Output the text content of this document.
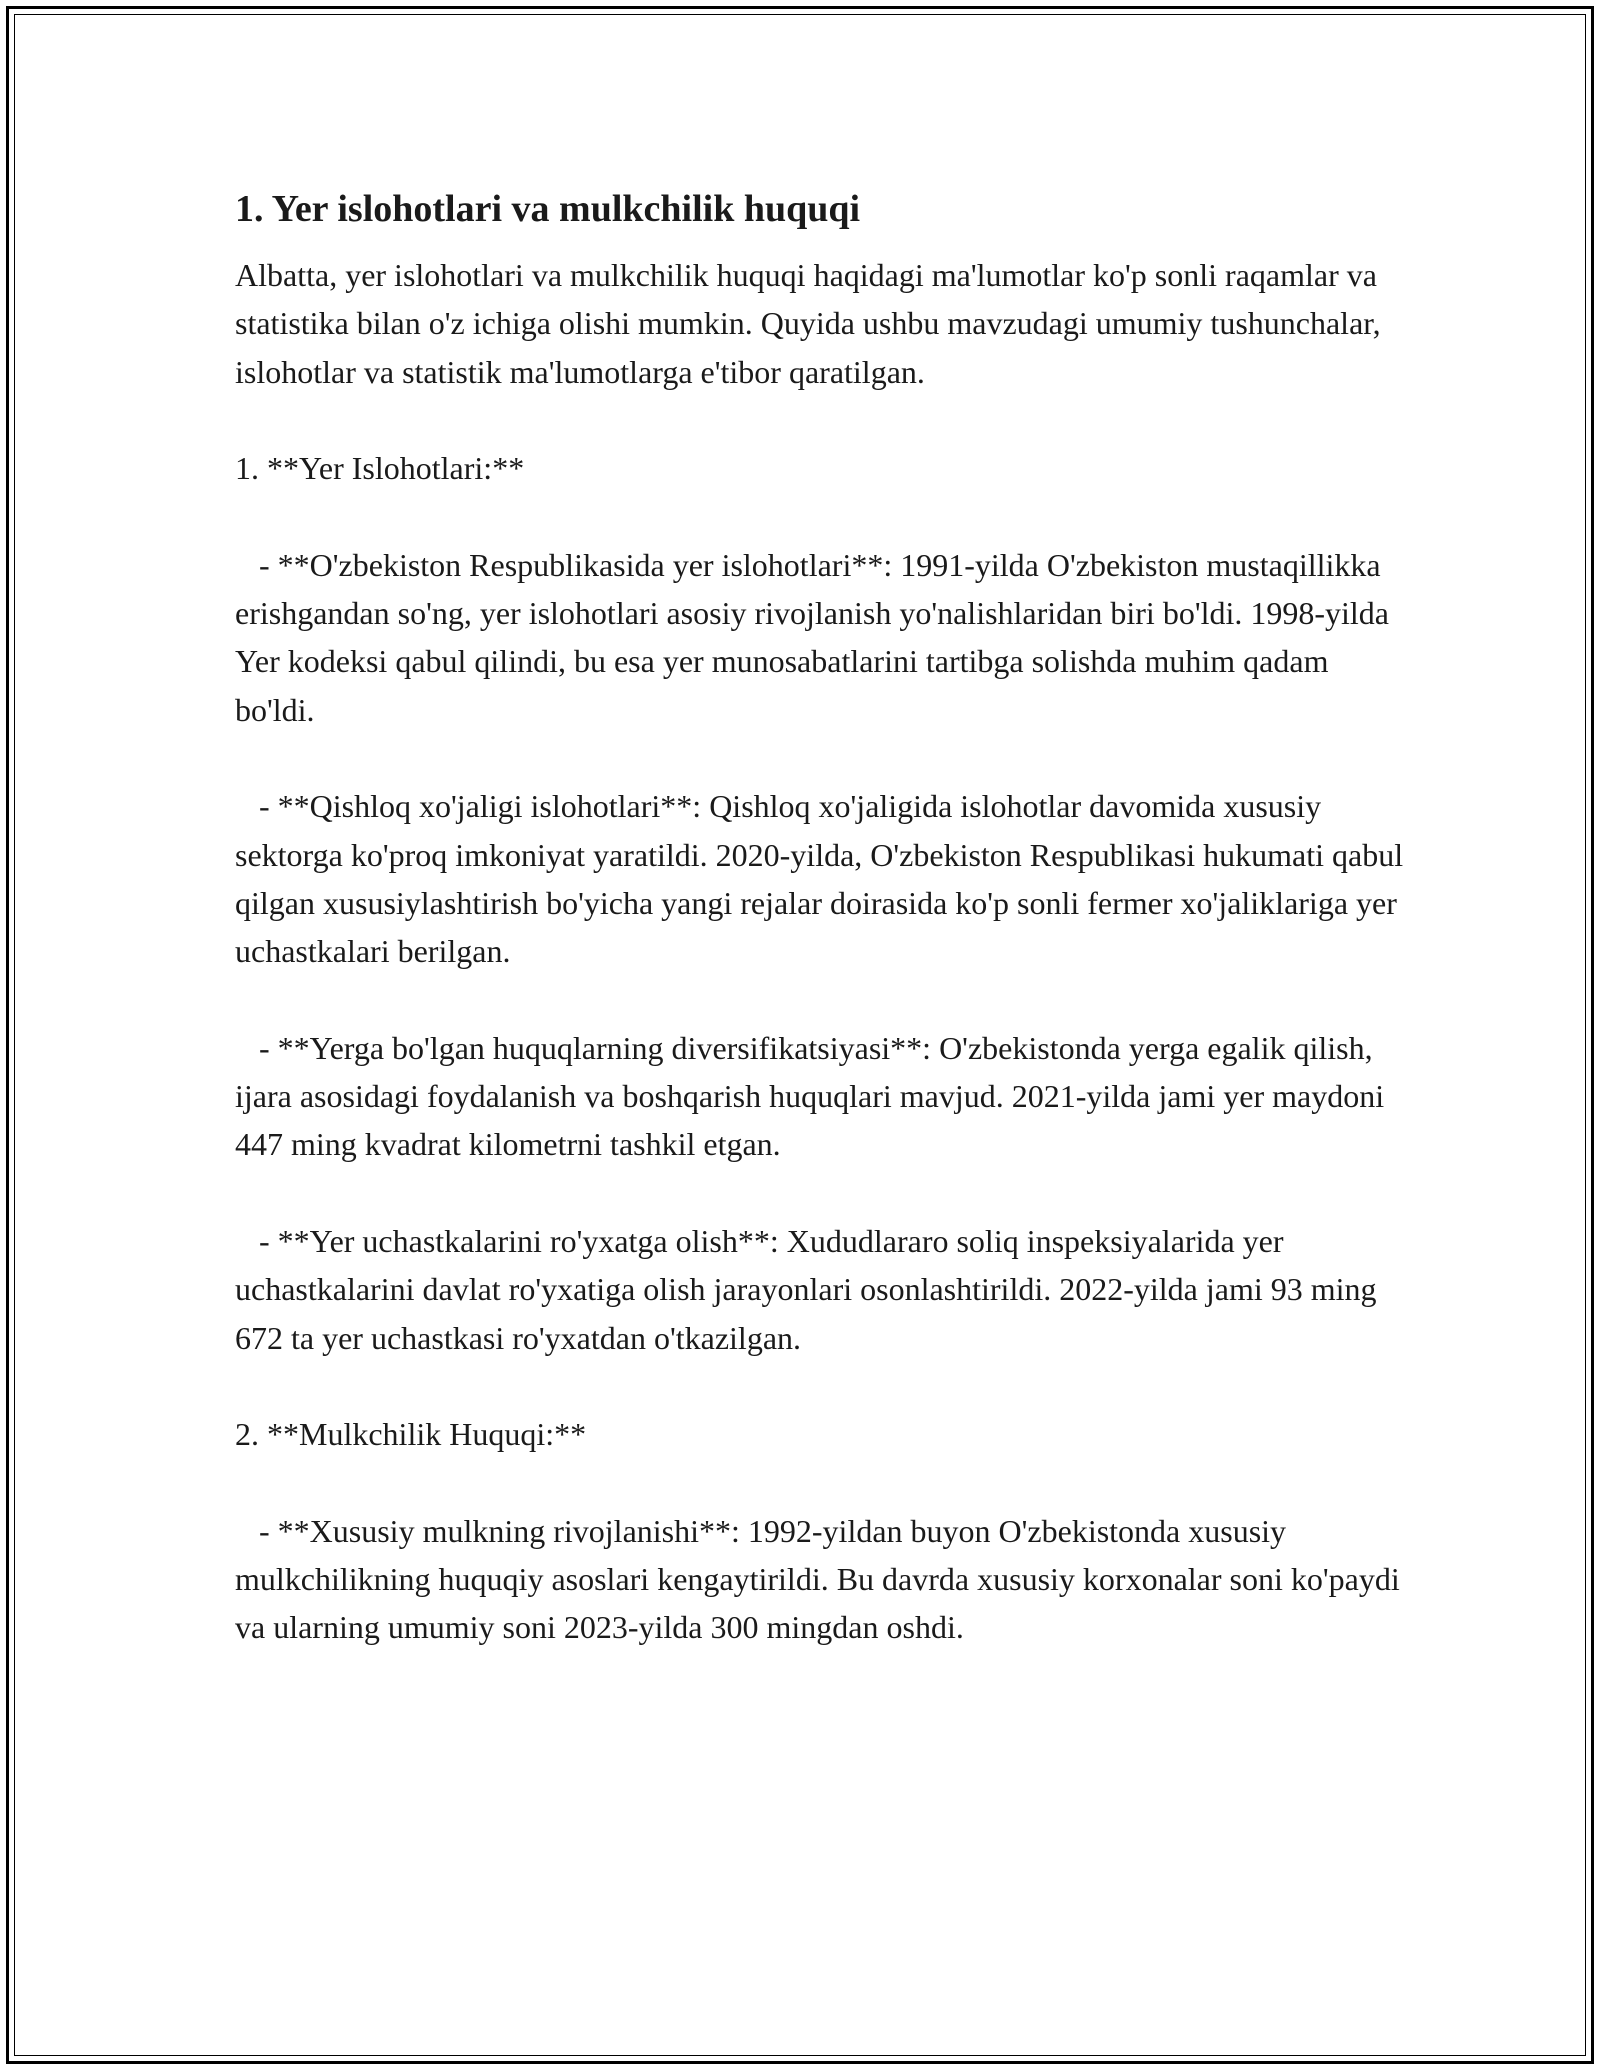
1. Yer islohotlari va mulkchilik huquqi

Albatta, yer islohotlari va mulkchilik huquqi haqidagi ma'lumotlar ko'p sonli raqamlar va statistika bilan o'z ichiga olishi mumkin. Quyida ushbu mavzudagi umumiy tushunchalar, islohotlar va statistik ma'lumotlarga e'tibor qaratilgan.

1. **Yer Islohotlari:**

- **O'zbekiston Respublikasida yer islohotlari**: 1991-yilda O'zbekiston mustaqillikka erishgandan so'ng, yer islohotlari asosiy rivojlanish yo'nalishlaridan biri bo'ldi. 1998-yilda Yer kodeksi qabul qilindi, bu esa yer munosabatlarini tartibga solishda muhim qadam bo'ldi.

- **Qishloq xo'jaligi islohotlari**: Qishloq xo'jaligida islohotlar davomida xususiy sektorga ko'proq imkoniyat yaratildi. 2020-yilda, O'zbekiston Respublikasi hukumati qabul qilgan xususiylashtirish bo'yicha yangi rejalar doirasida ko'p sonli fermer xo'jaliklariga yer uchastkalari berilgan.

- **Yerga bo'lgan huquqlarning diversifikatsiyasi**: O'zbekistonda yerga egalik qilish, ijara asosidagi foydalanish va boshqarish huquqlari mavjud. 2021-yilda jami yer maydoni 447 ming kvadrat kilometrni tashkil etgan.

- **Yer uchastkalarini ro'yxatga olish**: Xududlararo soliq inspeksiyalarida yer uchastkalarini davlat ro'yxatiga olish jarayonlari osonlashtirildi. 2022-yilda jami 93 ming 672 ta yer uchastkasi ro'yxatdan o'tkazilgan.

2. **Mulkchilik Huquqi:**

- **Xususiy mulkning rivojlanishi**: 1992-yildan buyon O'zbekistonda xususiy mulkchilikning huquqiy asoslari kengaytirildi. Bu davrda xususiy korxonalar soni ko'paydi va ularning umumiy soni 2023-yilda 300 mingdan oshdi.
